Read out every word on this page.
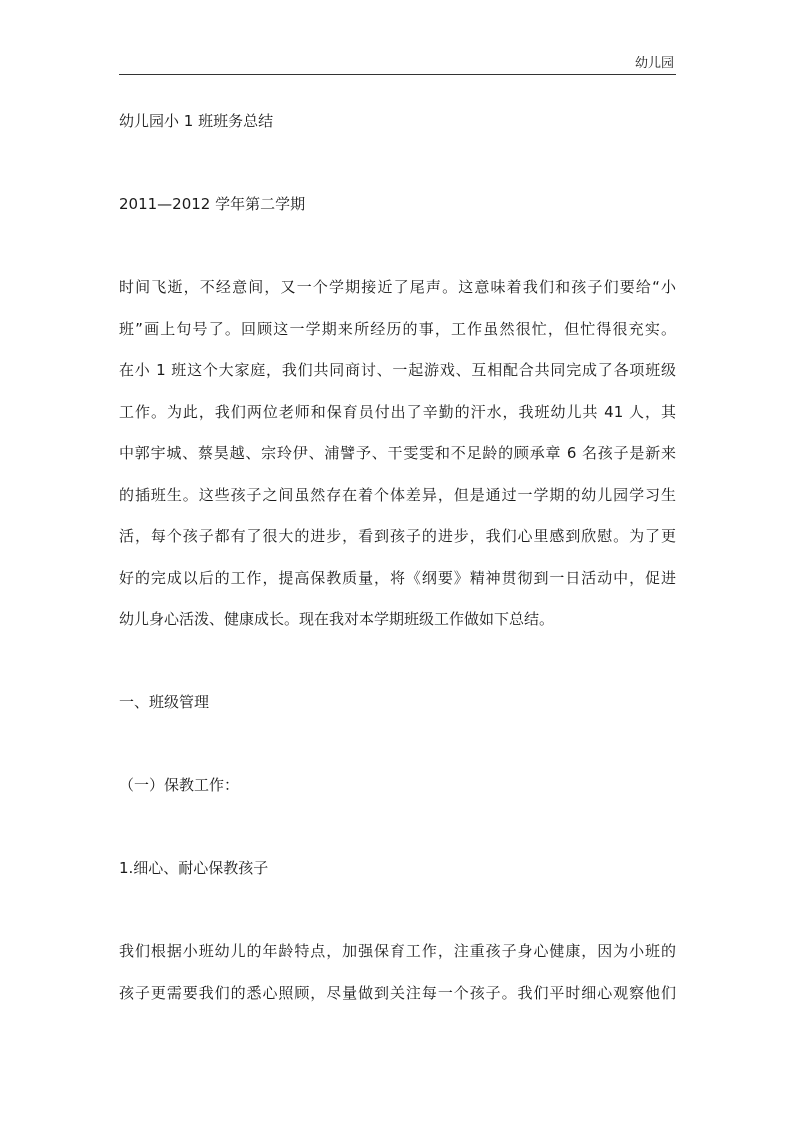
幼儿园
幼儿园小 1 班班务总结
2011—2012 学年第二学期
时间飞逝，不经意间，又一个学期接近了尾声。这意味着我们和孩子们要给“小
班”画上句号了。回顾这一学期来所经历的事，工作虽然很忙，但忙得很充实。
在小 1 班这个大家庭，我们共同商讨、一起游戏、互相配合共同完成了各项班级
工作。为此，我们两位老师和保育员付出了辛勤的汗水，我班幼儿共 41 人，其
中郭宇城、蔡昊越、宗玲伊、浦譬予、干雯雯和不足龄的顾承章 6 名孩子是新来
的插班生。这些孩子之间虽然存在着个体差异，但是通过一学期的幼儿园学习生
活，每个孩子都有了很大的进步，看到孩子的进步，我们心里感到欣慰。为了更
好的完成以后的工作，提高保教质量，将《纲要》精神贯彻到一日活动中，促进
幼儿身心活泼、健康成长。现在我对本学期班级工作做如下总结。
一、班级管理
（一）保教工作：
1.细心、耐心保教孩子
我们根据小班幼儿的年龄特点，加强保育工作，注重孩子身心健康，因为小班的
孩子更需要我们的悉心照顾，尽量做到关注每一个孩子。我们平时细心观察他们
